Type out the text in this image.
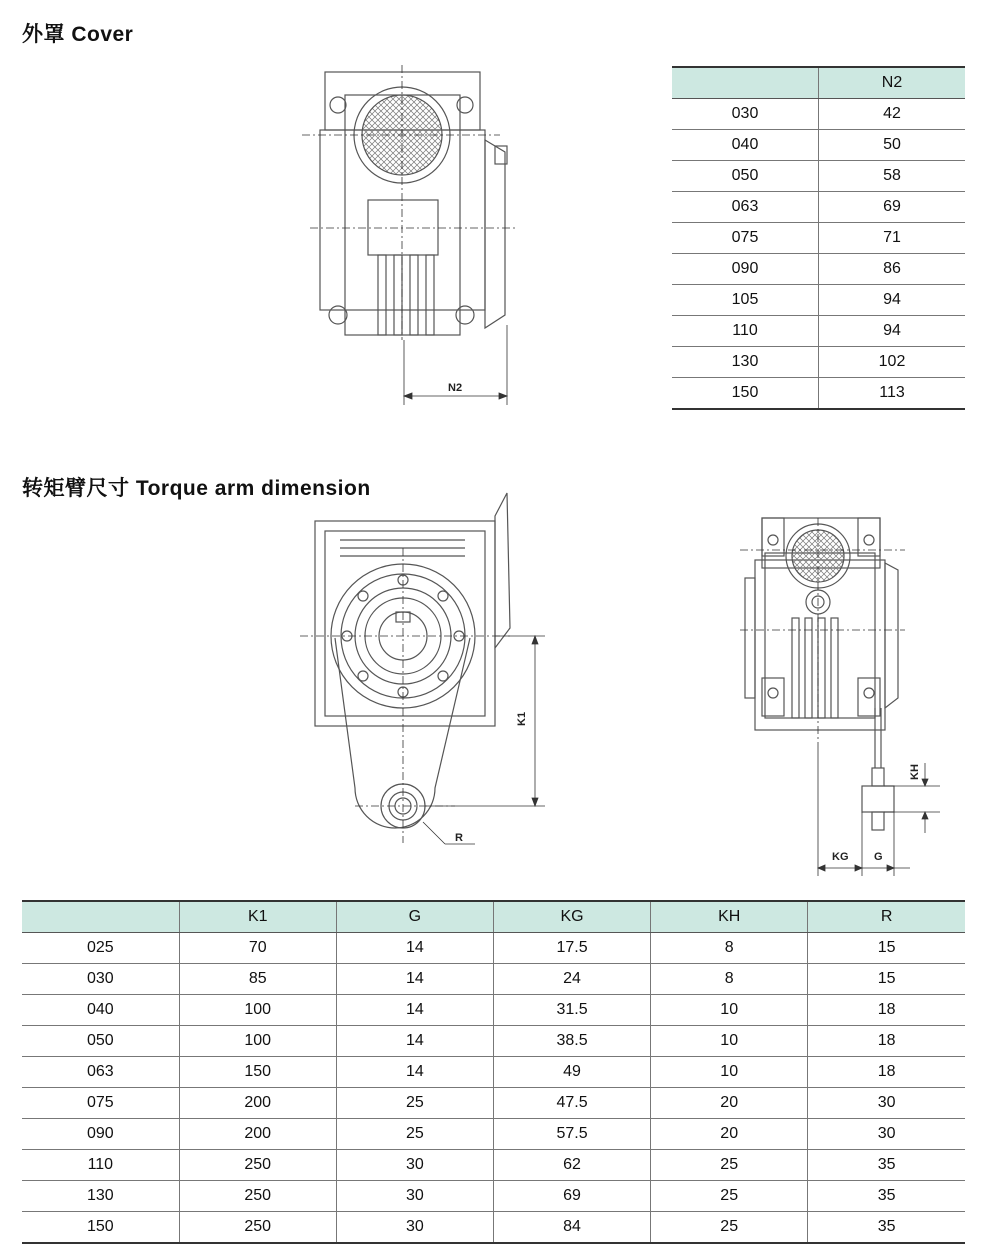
外罩 Cover
N2
	N2
030	42
040	50
050	58
063	69
075	71
090	86
105	94
110	94
130	102
150	113
转矩臂尺寸 Torque arm dimension
K1
R
KH
KG G
	K1	G	KG	KH	R
025	70	14	17.5	8	15
030	85	14	24	8	15
040	100	14	31.5	10	18
050	100	14	38.5	10	18
063	150	14	49	10	18
075	200	25	47.5	20	30
090	200	25	57.5	20	30
110	250	30	62	25	35
130	250	30	69	25	35
150	250	30	84	25	35
